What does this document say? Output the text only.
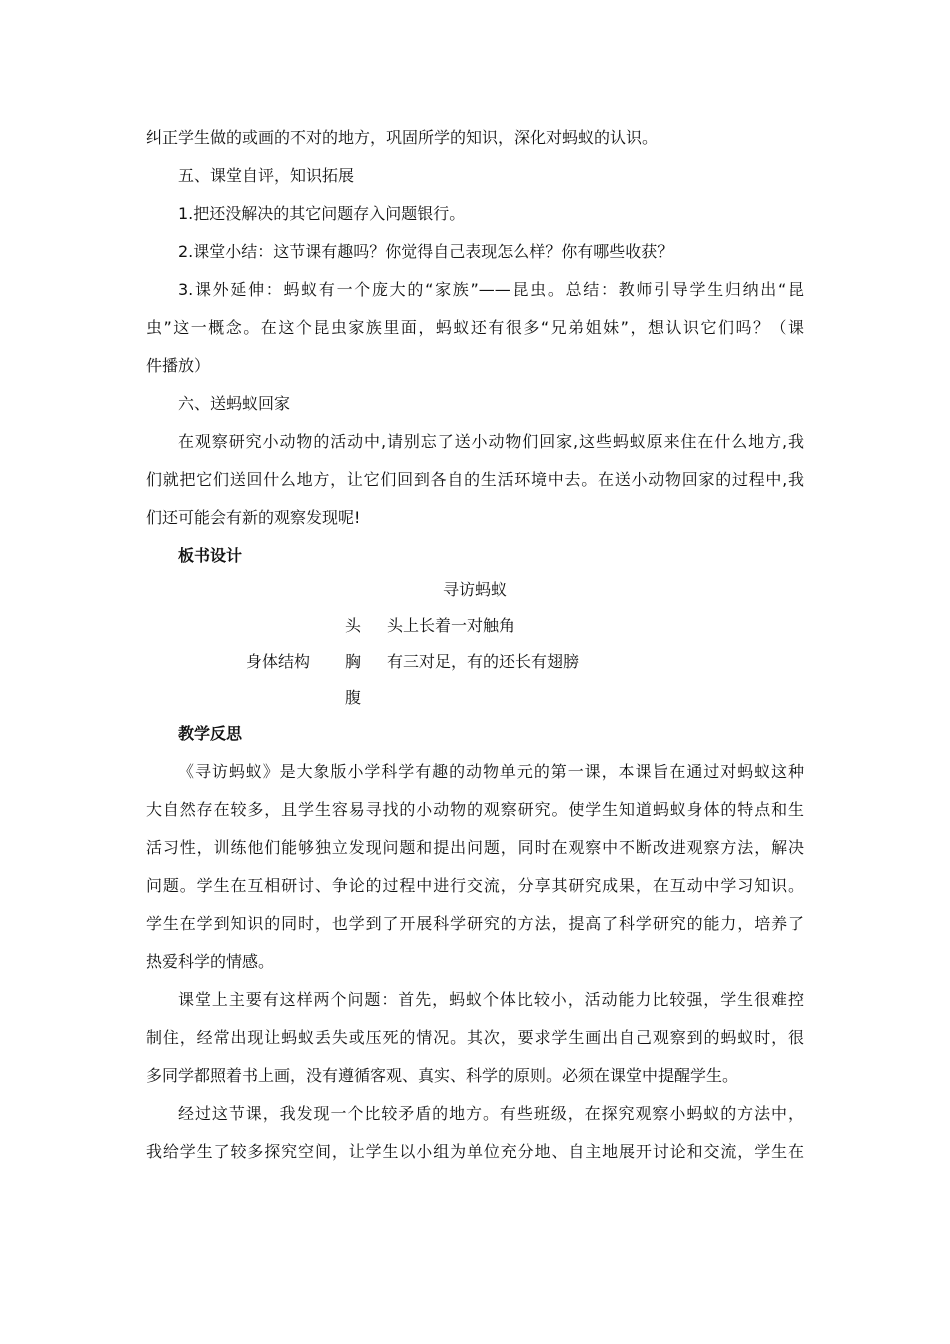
纠正学生做的或画的不对的地方，巩固所学的知识，深化对蚂蚁的认识。
五、课堂自评，知识拓展
1.把还没解决的其它问题存入问题银行。
2.课堂小结：这节课有趣吗？你觉得自己表现怎么样？你有哪些收获？
3.课外延伸：蚂蚁有一个庞大的“家族”——昆虫。总结：教师引导学生归纳出“昆
虫”这一概念。在这个昆虫家族里面，蚂蚁还有很多“兄弟姐妹”，想认识它们吗？（课
件播放）
六、送蚂蚁回家
在观察研究小动物的活动中,请别忘了送小动物们回家,这些蚂蚁原来住在什么地方,我
们就把它们送回什么地方，让它们回到各自的生活环境中去。在送小动物回家的过程中,我
们还可能会有新的观察发现呢!
板书设计
寻访蚂蚁
头 头上长着一对触角
身体结构 胸 有三对足，有的还长有翅膀
腹
教学反思
《寻访蚂蚁》是大象版小学科学有趣的动物单元的第一课，本课旨在通过对蚂蚁这种
大自然存在较多，且学生容易寻找的小动物的观察研究。使学生知道蚂蚁身体的特点和生
活习性，训练他们能够独立发现问题和提出问题，同时在观察中不断改进观察方法，解决
问题。学生在互相研讨、争论的过程中进行交流，分享其研究成果，在互动中学习知识。
学生在学到知识的同时，也学到了开展科学研究的方法，提高了科学研究的能力，培养了
热爱科学的情感。
课堂上主要有这样两个问题：首先，蚂蚁个体比较小，活动能力比较强，学生很难控
制住，经常出现让蚂蚁丢失或压死的情况。其次，要求学生画出自己观察到的蚂蚁时，很
多同学都照着书上画，没有遵循客观、真实、科学的原则。必须在课堂中提醒学生。
经过这节课，我发现一个比较矛盾的地方。有些班级，在探究观察小蚂蚁的方法中，
我给学生了较多探究空间，让学生以小组为单位充分地、自主地展开讨论和交流，学生在
